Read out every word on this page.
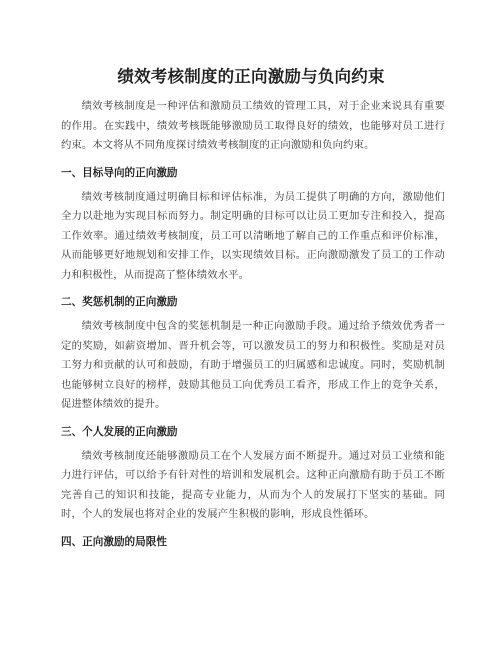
绩效考核制度的正向激励与负向约束

绩效考核制度是一种评估和激励员工绩效的管理工具，对于企业来说具有重要的作用。在实践中，绩效考核既能够激励员工取得良好的绩效，也能够对员工进行约束。本文将从不同角度探讨绩效考核制度的正向激励和负向约束。

一、目标导向的正向激励

绩效考核制度通过明确目标和评估标准，为员工提供了明确的方向，激励他们全力以赴地为实现目标而努力。制定明确的目标可以让员工更加专注和投入，提高工作效率。通过绩效考核制度，员工可以清晰地了解自己的工作重点和评价标准，从而能够更好地规划和安排工作，以实现绩效目标。正向激励激发了员工的工作动力和积极性，从而提高了整体绩效水平。

二、奖惩机制的正向激励

绩效考核制度中包含的奖惩机制是一种正向激励手段。通过给予绩效优秀者一定的奖励，如薪资增加、晋升机会等，可以激发员工的努力和积极性。奖励是对员工努力和贡献的认可和鼓励，有助于增强员工的归属感和忠诚度。同时，奖励机制也能够树立良好的榜样，鼓励其他员工向优秀员工看齐，形成工作上的竞争关系，促进整体绩效的提升。

三、个人发展的正向激励

绩效考核制度还能够激励员工在个人发展方面不断提升。通过对员工业绩和能力进行评估，可以给予有针对性的培训和发展机会。这种正向激励有助于员工不断完善自己的知识和技能，提高专业能力，从而为个人的发展打下坚实的基础。同时，个人的发展也将对企业的发展产生积极的影响，形成良性循环。

四、正向激励的局限性
